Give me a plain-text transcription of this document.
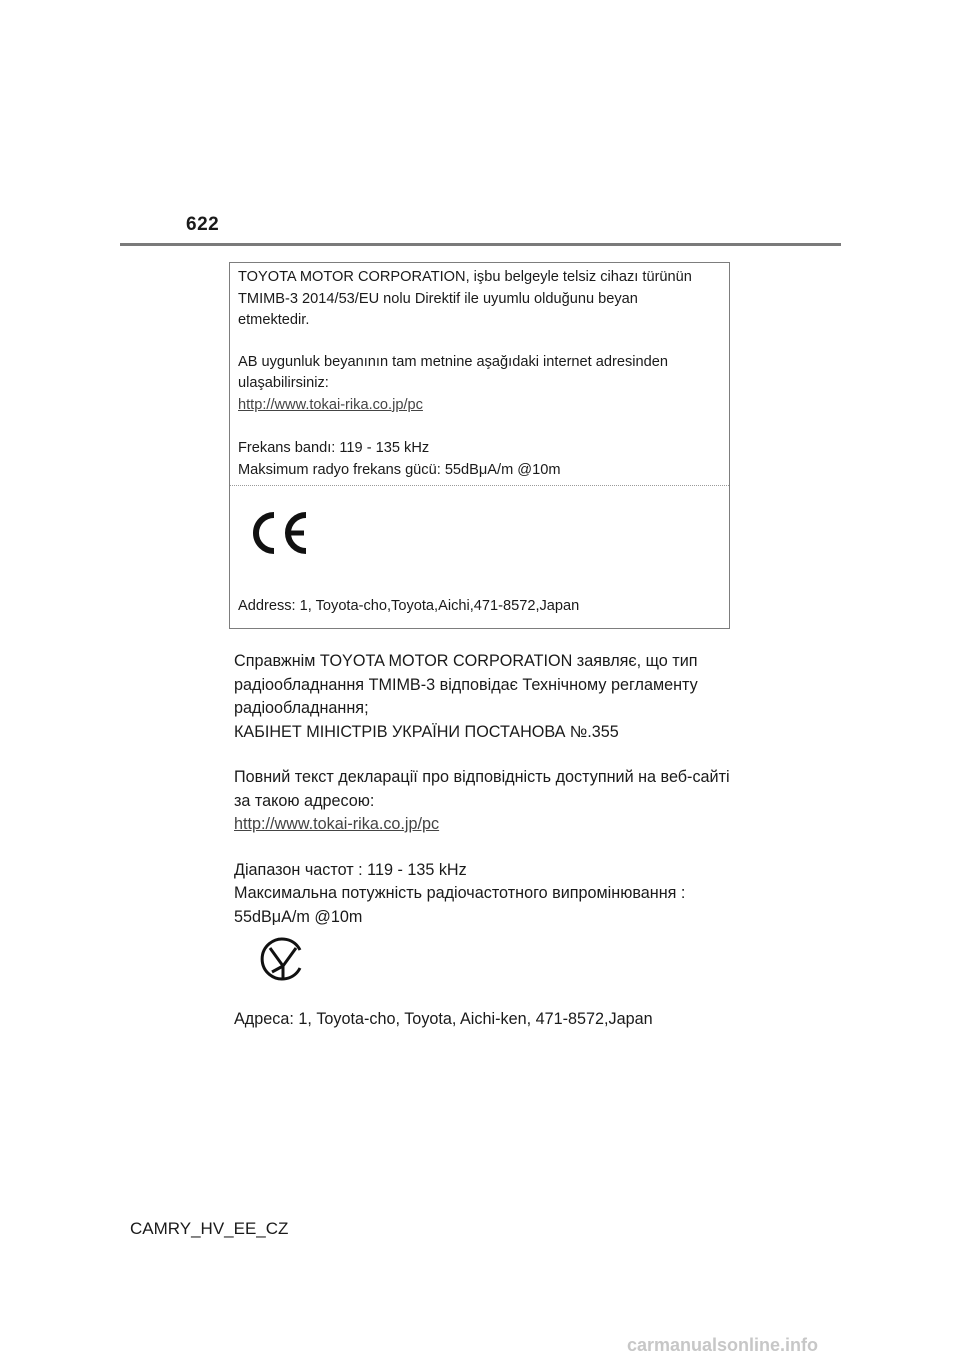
622

TOYOTA MOTOR CORPORATION, işbu belgeyle telsiz cihazı türünün

TMIMB-3 2014/53/EU nolu Direktif ile uyumlu olduğunu beyan

etmektedir.

AB uygunluk beyanının tam metnine aşağıdaki internet adresinden

ulaşabilirsiniz:

http://www.tokai-rika.co.jp/pc

Frekans bandı: 119 - 135 kHz

Maksimum radyo frekans gücü: 55dBμA/m @10m

Address: 1, Toyota-cho,Toyota,Aichi,471-8572,Japan

Справжнім TOYOTA MOTOR CORPORATION заявляє, що тип

радіообладнання TMIMB-3 відповідає Технічному регламенту

радіообладнання;

КАБІНЕТ МІНІСТРІВ УКРАЇНИ ПОСТАНОВА №.355

Повний текст декларації про відповідність доступний на веб-сайті

за такою адресою:

http://www.tokai-rika.co.jp/pc

Діапазон частот : 119 - 135 kHz

Максимальна потужність радіочастотного випромінювання :

55dBμA/m @10m

Адреса: 1, Toyota-cho, Toyota, Aichi-ken, 471-8572,Japan
CAMRY_HV_EE_CZ
carmanualsonline.info
